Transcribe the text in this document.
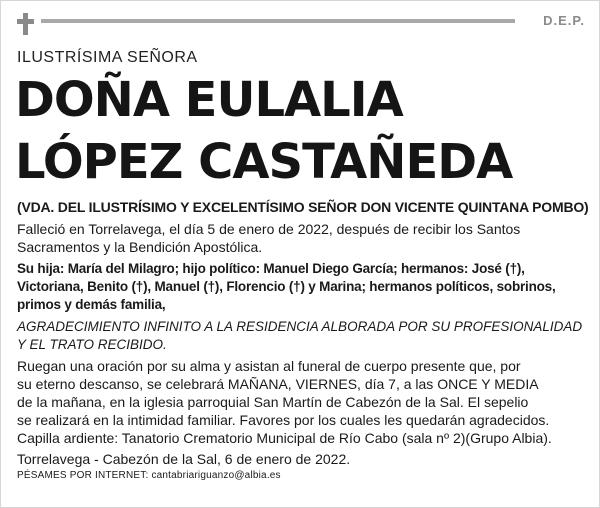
D.E.P.
ILUSTRÍSIMA SEÑORA
DOÑA EULALIA
LÓPEZ CASTAÑEDA
(VDA. DEL ILUSTRÍSIMO Y EXCELENTÍSIMO SEÑOR DON VICENTE QUINTANA POMBO)
Falleció en Torrelavega, el día 5 de enero de 2022, después de recibir los Santos
Sacramentos y la Bendición Apostólica.
Su hija: María del Milagro; hijo político: Manuel Diego García; hermanos: José (†),
Victoriana, Benito (†), Manuel (†), Florencio (†) y Marina; hermanos políticos, sobrinos,
primos y demás familia,
AGRADECIMIENTO INFINITO A LA RESIDENCIA ALBORADA POR SU PROFESIONALIDAD
Y EL TRATO RECIBIDO.
Ruegan una oración por su alma y asistan al funeral de cuerpo presente que, por
su eterno descanso, se celebrará MAÑANA, VIERNES, día 7, a las ONCE Y MEDIA
de la mañana, en la iglesia parroquial San Martín de Cabezón de la Sal. El sepelio
se realizará en la intimidad familiar. Favores por los cuales les quedarán agradecidos.
Capilla ardiente: Tanatorio Crematorio Municipal de Río Cabo (sala nº 2)(Grupo Albia).
Torrelavega - Cabezón de la Sal, 6 de enero de 2022.
PÉSAMES POR INTERNET: cantabriariguanzo@albia.es
